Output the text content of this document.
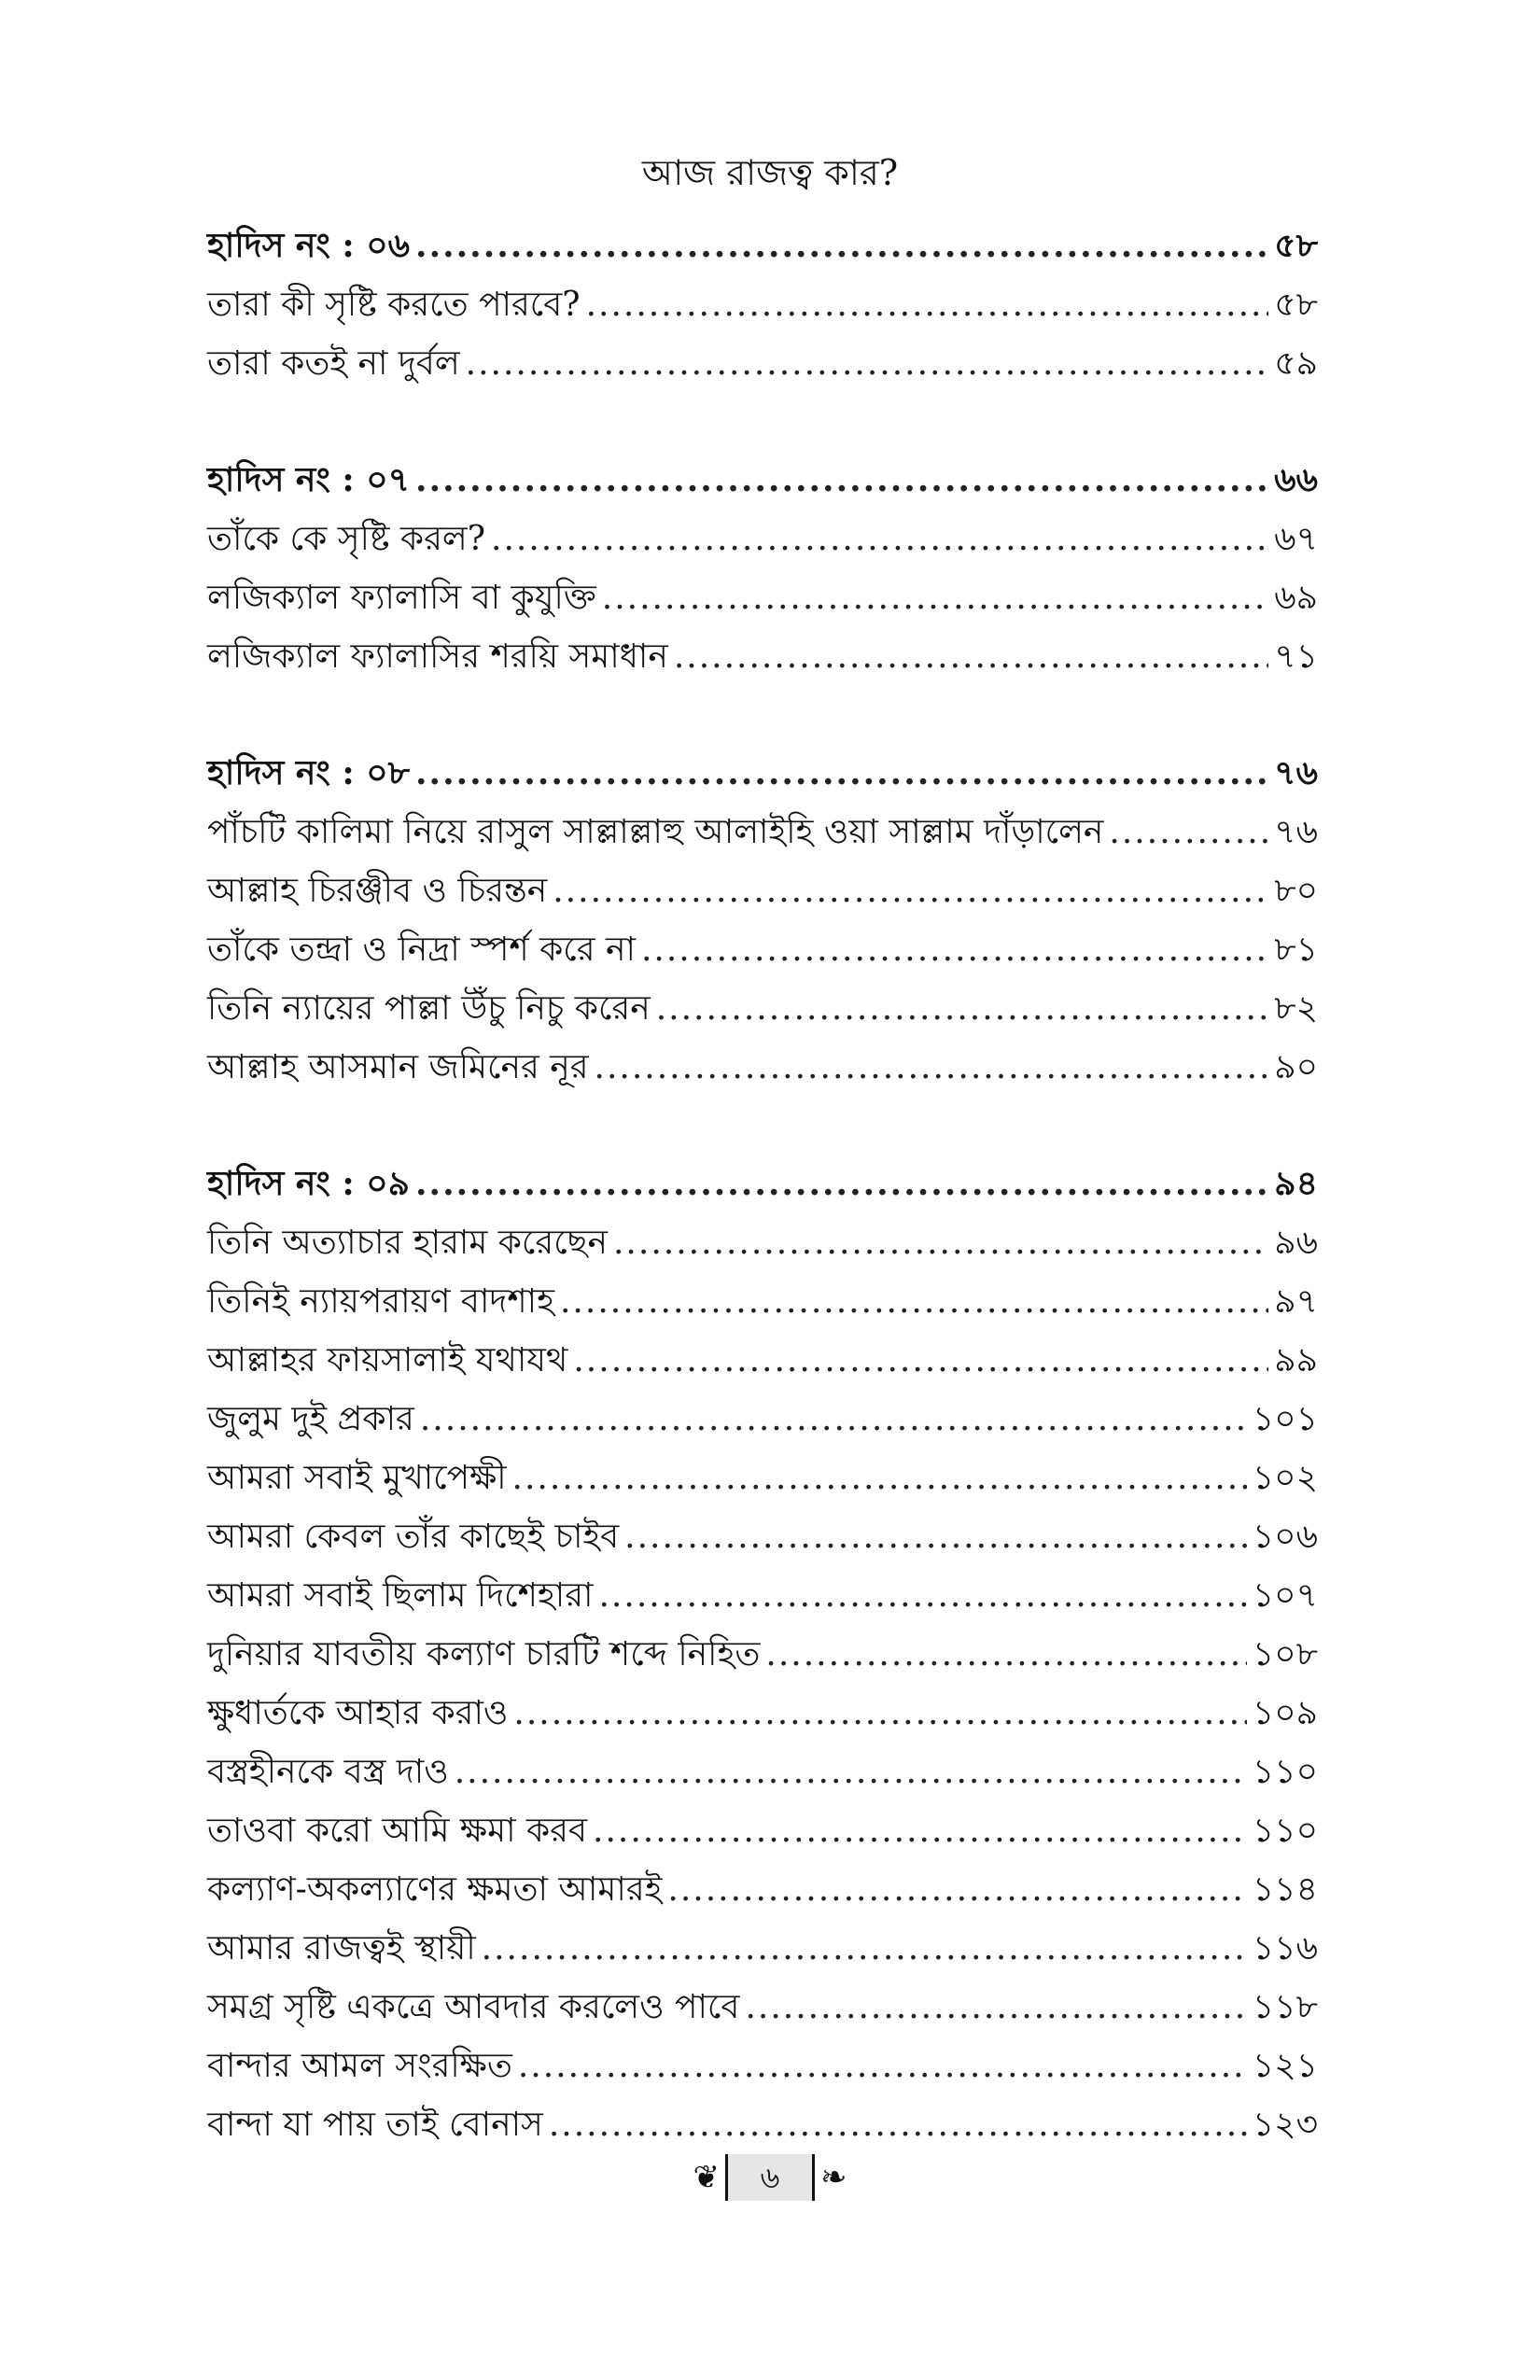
আজ রাজত্ব কার?
হাদিস নং : ০৬ .....	৫৮
তারা কী সৃষ্টি করতে পারবে? .....	৫৮
তারা কতই না দুর্বল .....	৫৯
হাদিস নং : ০৭ .....	৬৬
তাঁকে কে সৃষ্টি করল? .....	৬৭
লজিক্যাল ফ্যালাসি বা কুযুক্তি .....	৬৯
লজিক্যাল ফ্যালাসির শরয়ি সমাধান .....	৭১
হাদিস নং : ০৮ .....	৭৬
পাঁচটি কালিমা নিয়ে রাসুল সাল্লাল্লাহু আলাইহি ওয়া সাল্লাম দাঁড়ালেন .....	৭৬
আল্লাহ চিরঞ্জীব ও চিরন্তন .....	৮০
তাঁকে তন্দ্রা ও নিদ্রা স্পর্শ করে না .....	৮১
তিনি ন্যায়ের পাল্লা উঁচু নিচু করেন .....	৮২
আল্লাহ আসমান জমিনের নূর .....	৯০
হাদিস নং : ০৯ .....	৯৪
তিনি অত্যাচার হারাম করেছেন .....	৯৬
তিনিই ন্যায়পরায়ণ বাদশাহ .....	৯৭
আল্লাহর ফায়সালাই যথাযথ .....	৯৯
জুলুম দুই প্রকার .....	১০১
আমরা সবাই মুখাপেক্ষী .....	১০২
আমরা কেবল তাঁর কাছেই চাইব .....	১০৬
আমরা সবাই ছিলাম দিশেহারা .....	১০৭
দুনিয়ার যাবতীয় কল্যাণ চারটি শব্দে নিহিত .....	১০৮
ক্ষুধার্তকে আহার করাও .....	১০৯
বস্ত্রহীনকে বস্ত্র দাও .....	১১০
তাওবা করো আমি ক্ষমা করব .....	১১০
কল্যাণ-অকল্যাণের ক্ষমতা আমারই .....	১১৪
আমার রাজত্বই স্থায়ী .....	১১৬
সমগ্র সৃষ্টি একত্রে আবদার করলেও পাবে .....	১১৮
বান্দার আমল সংরক্ষিত .....	১২১
বান্দা যা পায় তাই বোনাস .....	১২৩
❦	৬	❧
